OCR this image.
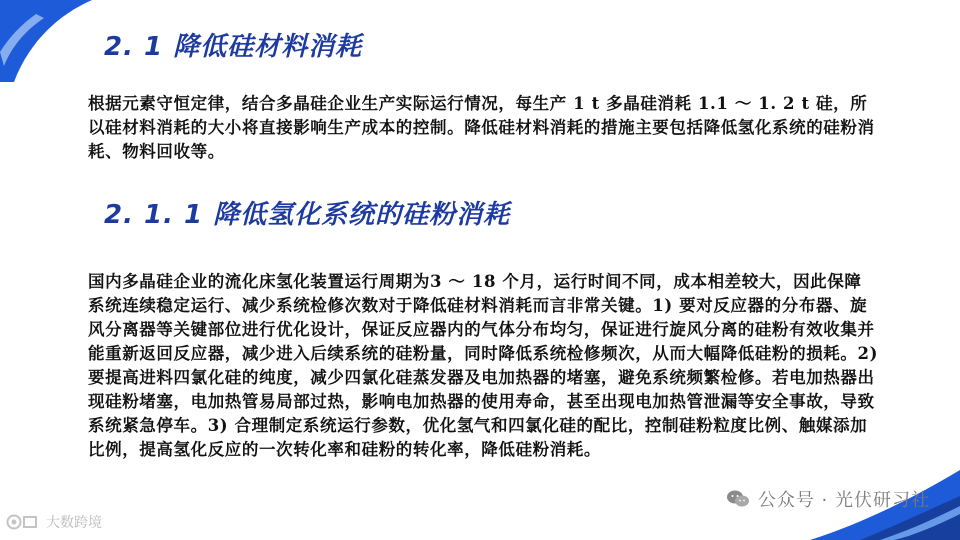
2. 1 降低硅材料消耗

根据元素守恒定律，结合多晶硅企业生产实际运行情况，每生产 1 t 多晶硅消耗 1.1 ～ 1. 2 t 硅，所以硅材料消耗的大小将直接影响生产成本的控制。降低硅材料消耗的措施主要包括降低氢化系统的硅粉消耗、物料回收等。

2. 1. 1 降低氢化系统的硅粉消耗

国内多晶硅企业的流化床氢化装置运行周期为3 ～ 18 个月，运行时间不同，成本相差较大，因此保障系统连续稳定运行、减少系统检修次数对于降低硅材料消耗而言非常关键。1) 要对反应器的分布器、旋风分离器等关键部位进行优化设计，保证反应器内的气体分布均匀，保证进行旋风分离的硅粉有效收集并能重新返回反应器，减少进入后续系统的硅粉量，同时降低系统检修频次，从而大幅降低硅粉的损耗。2) 要提高进料四氯化硅的纯度，减少四氯化硅蒸发器及电加热器的堵塞，避免系统频繁检修。若电加热器出现硅粉堵塞，电加热管易局部过热，影响电加热器的使用寿命，甚至出现电加热管泄漏等安全事故，导致系统紧急停车。3) 合理制定系统运行参数，优化氢气和四氯化硅的配比，控制硅粉粒度比例、触媒添加比例，提高氢化反应的一次转化率和硅粉的转化率，降低硅粉消耗。

公众号 · 光伏研习社
大数跨境
